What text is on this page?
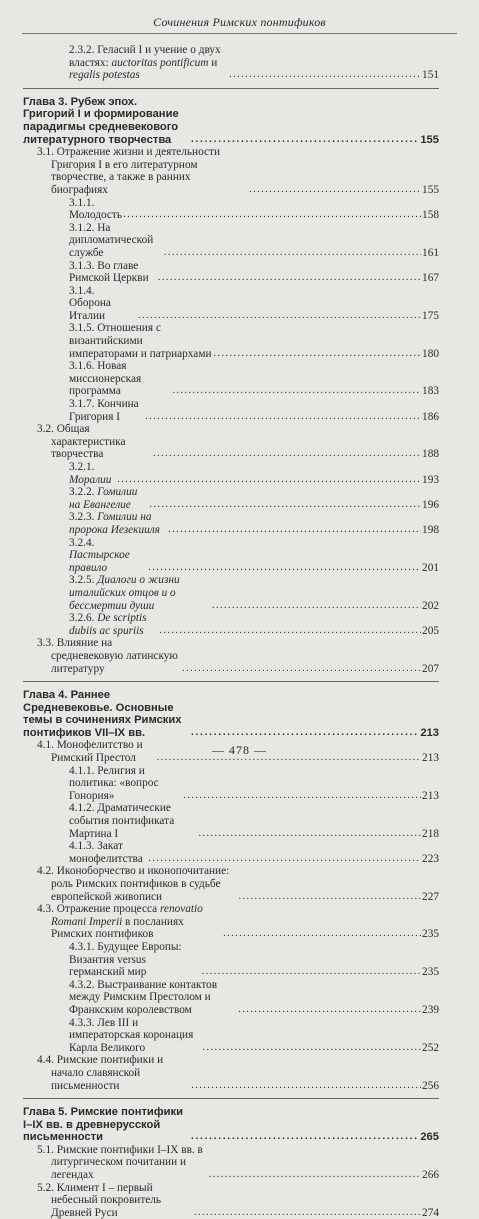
Сочинения Римских понтификов
2.3.2. Геласий I и учение о двух властях: auctoritas pontificum и regalis potestas . . .	151
Глава 3. Рубеж эпох. Григорий I и формирование парадигмы средневекового литературного творчества . . .	155
3.1. Отражение жизни и деятельности Григория I в его литературном творчестве, а также в ранних биографиях . . .	155
3.1.1. Молодость . . .	158
3.1.2. На дипломатической службе . . .	161
3.1.3. Во главе Римской Церкви . . .	167
3.1.4. Оборона Италии . . .	175
3.1.5. Отношения с византийскими императорами и патриархами . . .	180
3.1.6. Новая миссионерская программа . . .	183
3.1.7. Кончина Григория I . . .	186
3.2. Общая характеристика творчества . . .	188
3.2.1. Моралии . . .	193
3.2.2. Гомилии на Евангелие . . .	196
3.2.3. Гомилии на пророка Иезекииля . . .	198
3.2.4. Пастырское правило . . .	201
3.2.5. Диалоги о жизни италийских отцов и о бессмертии души . . .	202
3.2.6. De scriptis dubiis ac spuriis . . .	205
3.3. Влияние на средневековую латинскую литературу . . .	207
Глава 4. Раннее Средневековье. Основные темы в сочинениях Римских понтификов VII–IX вв. . . .	213
4.1. Монофелитство и Римский Престол . . .	213
4.1.1. Религия и политика: «вопрос Гонория» . . .	213
4.1.2. Драматические события понтификата Мартина I . . .	218
4.1.3. Закат монофелитства . . .	223
4.2. Иконоборчество и иконопочитание: роль Римских понтификов в судьбе европейской живописи . . .	227
4.3. Отражение процесса renovatio Romani Imperii в посланиях Римских понтификов . . .	235
4.3.1. Будущее Европы: Византия versus германский мир . . .	235
4.3.2. Выстраивание контактов между Римским Престолом и Франкским королевством . . .	239
4.3.3. Лев III и императорская коронация Карла Великого . . .	252
4.4. Римские понтифики и начало славянской письменности . . .	256
Глава 5. Римские понтифики I–IX вв. в древнерусской письменности . . .	265
5.1. Римские понтифики I–IX вв. в литургическом почитании и легендах . . .	266
5.2. Климент I – первый небесный покровитель Древней Руси . . .	274
— 478 —
